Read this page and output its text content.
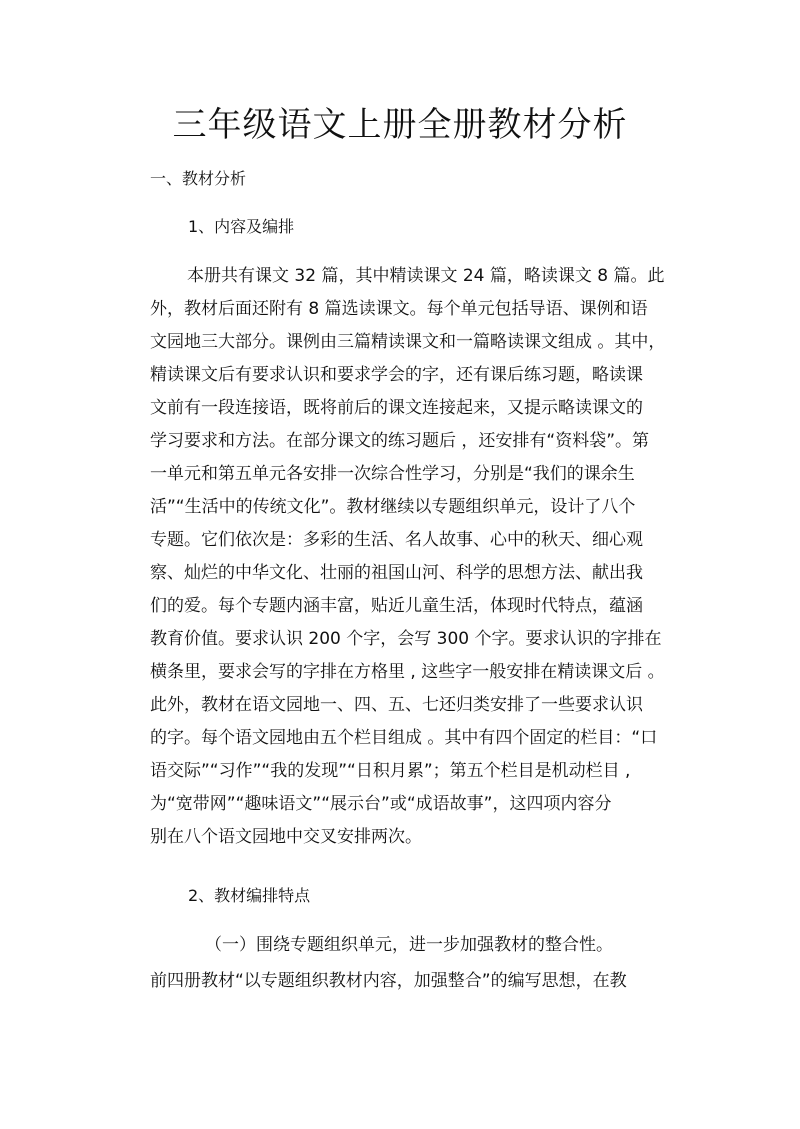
三年级语文上册全册教材分析
一、教材分析
1、内容及编排
本册共有课文 32 篇，其中精读课文 24 篇，略读课文 8 篇。此
外，教材后面还附有 8 篇选读课文。每个单元包括导语、课例和语
文园地三大部分。课例由三篇精读课文和一篇略读课文组成 。其中，
精读课文后有要求认识和要求学会的字，还有课后练习题，略读课
文前有一段连接语，既将前后的课文连接起来，又提示略读课文的
学习要求和方法。在部分课文的练习题后 ，还安排有“资料袋”。第
一单元和第五单元各安排一次综合性学习，分别是“我们的课余生
活”“生活中的传统文化”。教材继续以专题组织单元，设计了八个
专题。它们依次是：多彩的生活、名人故事、心中的秋天、细心观
察、灿烂的中华文化、壮丽的祖国山河、科学的思想方法、献出我
们的爱。每个专题内涵丰富，贴近儿童生活，体现时代特点，蕴涵
教育价值。要求认识 200 个字，会写 300 个字。要求认识的字排在
横条里，要求会写的字排在方格里 , 这些字一般安排在精读课文后 。
此外，教材在语文园地一、四、五、七还归类安排了一些要求认识
的字。每个语文园地由五个栏目组成 。其中有四个固定的栏目：“口
语交际”“习作”“我的发现”“日积月累”；第五个栏目是机动栏目 ,
为“宽带网”“趣味语文”“展示台”或“成语故事”，这四项内容分
别在八个语文园地中交叉安排两次。
2、教材编排特点
（一）围绕专题组织单元，进一步加强教材的整合性。
前四册教材“以专题组织教材内容，加强整合”的编写思想，在教
